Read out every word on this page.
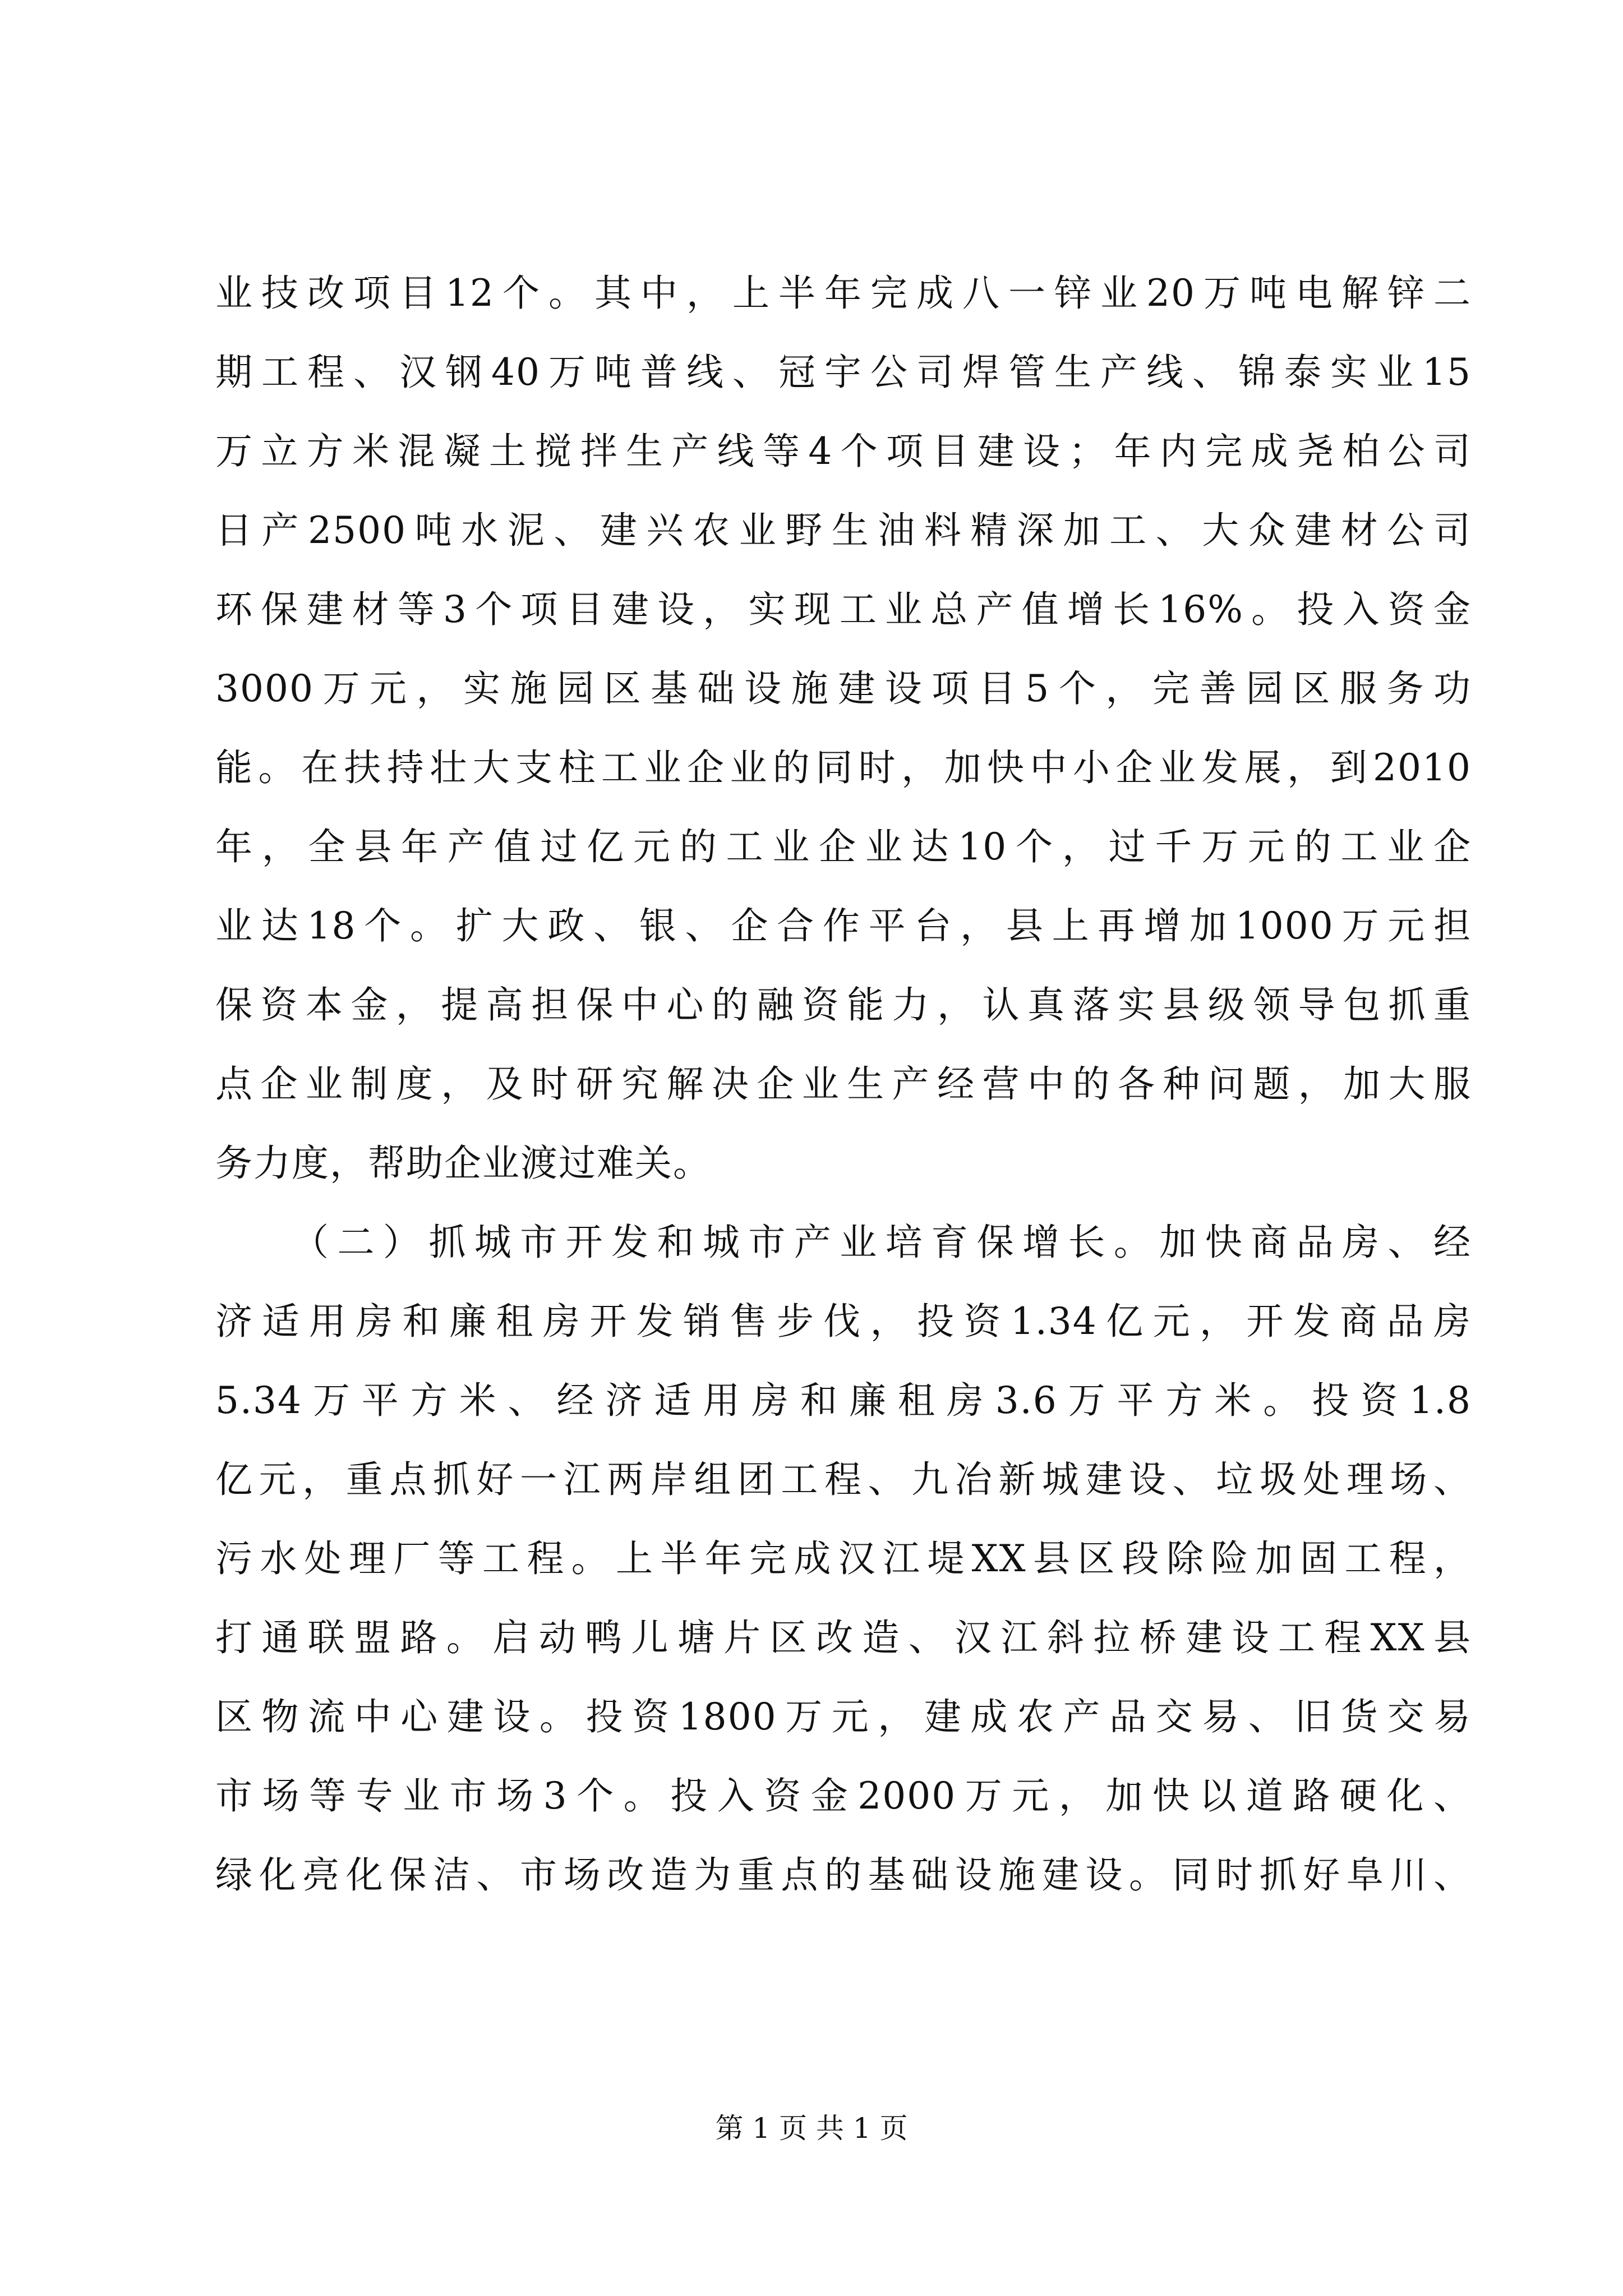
业技改项目12个。其中，上半年完成八一锌业20万吨电解锌二
期工程、汉钢40万吨普线、冠宇公司焊管生产线、锦泰实业15
万立方米混凝土搅拌生产线等4个项目建设；年内完成尧柏公司
日产2500吨水泥、建兴农业野生油料精深加工、大众建材公司
环保建材等3个项目建设，实现工业总产值增长16%。投入资金
3000万元，实施园区基础设施建设项目5个，完善园区服务功
能。在扶持壮大支柱工业企业的同时，加快中小企业发展，到2010
年，全县年产值过亿元的工业企业达10个，过千万元的工业企
业达18个。扩大政、银、企合作平台，县上再增加1000万元担
保资本金，提高担保中心的融资能力，认真落实县级领导包抓重
点企业制度，及时研究解决企业生产经营中的各种问题，加大服
务力度，帮助企业渡过难关。
（二）抓城市开发和城市产业培育保增长。加快商品房、经
济适用房和廉租房开发销售步伐，投资1.34亿元，开发商品房
5.34万平方米、经济适用房和廉租房3.6万平方米。投资1.8
亿元，重点抓好一江两岸组团工程、九冶新城建设、垃圾处理场、
污水处理厂等工程。上半年完成汉江堤XX县区段除险加固工程，
打通联盟路。启动鸭儿塘片区改造、汉江斜拉桥建设工程XX县
区物流中心建设。投资1800万元，建成农产品交易、旧货交易
市场等专业市场3个。投入资金2000万元，加快以道路硬化、
绿化亮化保洁、市场改造为重点的基础设施建设。同时抓好阜川、
第 1 页 共 1 页
